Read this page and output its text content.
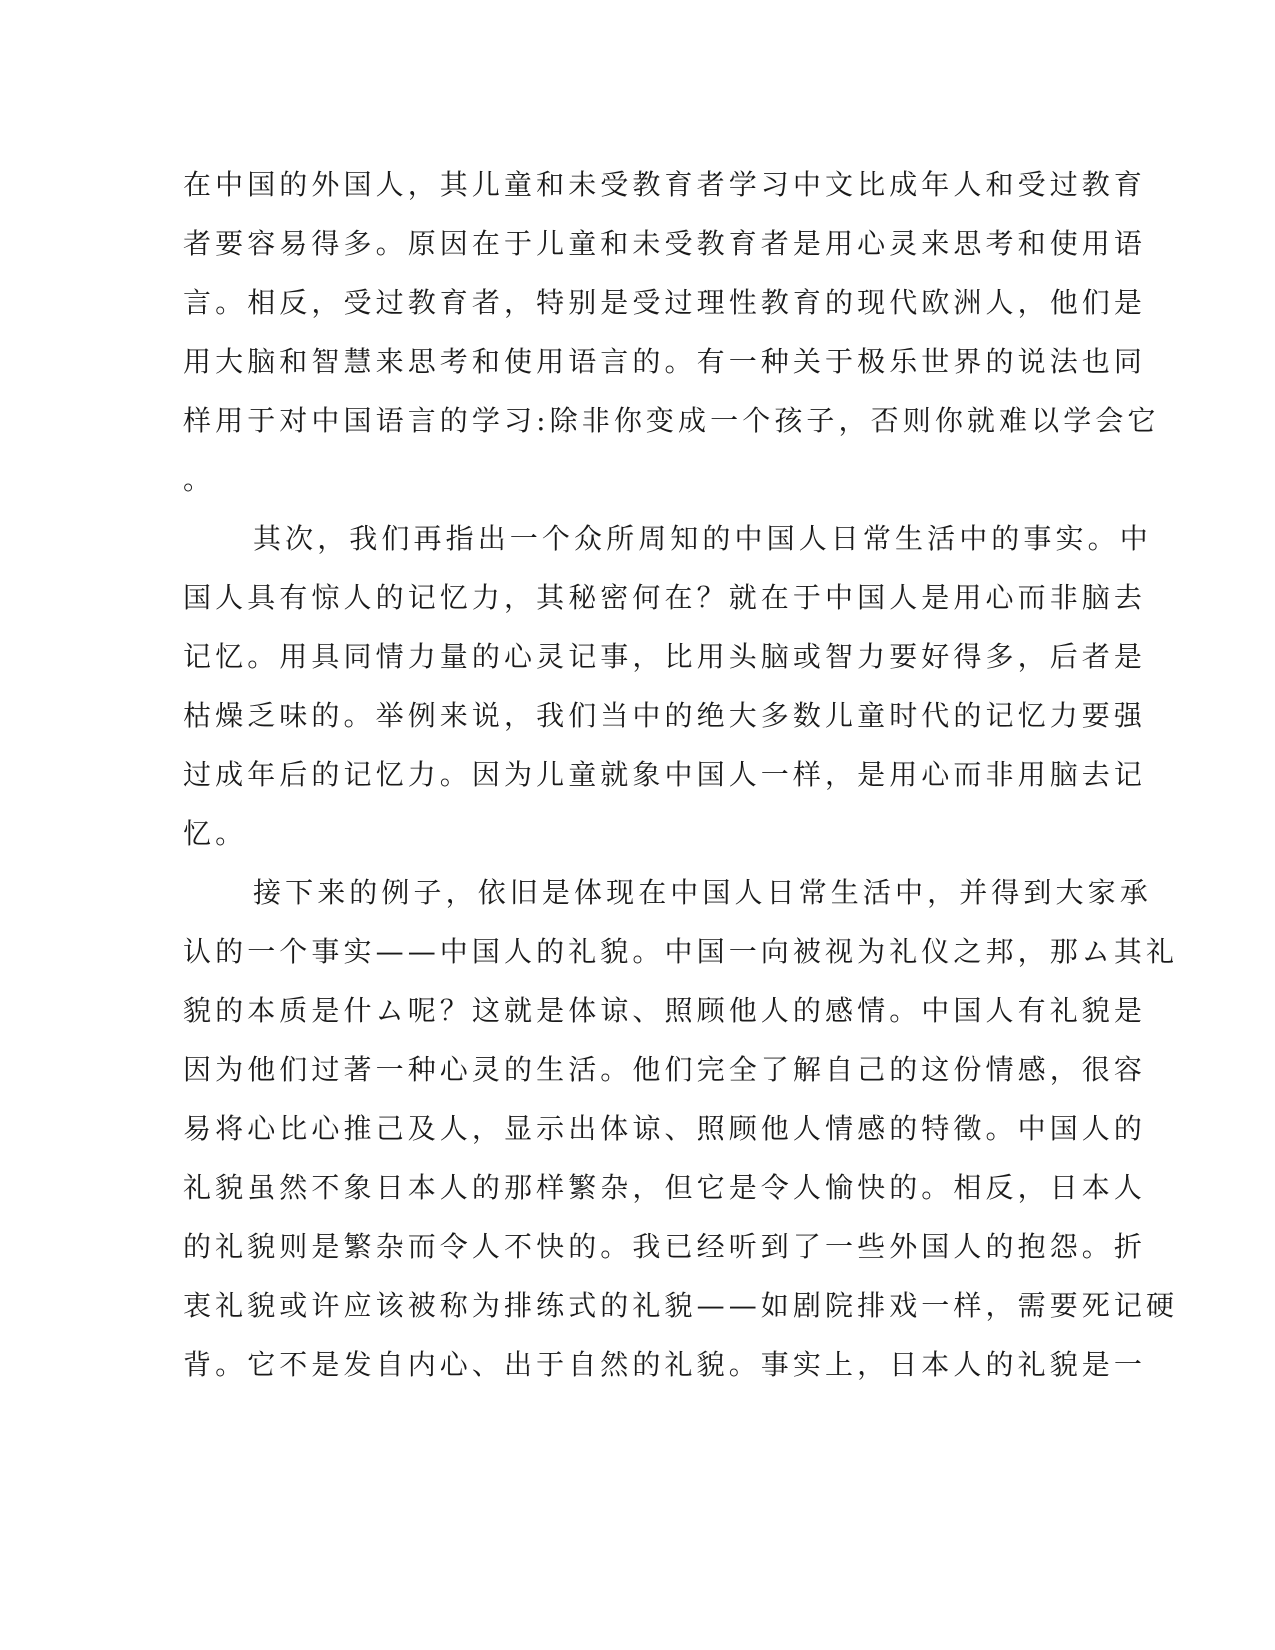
在中国的外国人，其儿童和未受教育者学习中文比成年人和受过教育
者要容易得多。原因在于儿童和未受教育者是用心灵来思考和使用语
言。相反，受过教育者，特别是受过理性教育的现代欧洲人，他们是
用大脑和智慧来思考和使用语言的。有一种关于极乐世界的说法也同
样用于对中国语言的学习:除非你变成一个孩子，否则你就难以学会它
。
其次，我们再指出一个众所周知的中国人日常生活中的事实。中
国人具有惊人的记忆力，其秘密何在？就在于中国人是用心而非脑去
记忆。用具同情力量的心灵记事，比用头脑或智力要好得多，后者是
枯燥乏味的。举例来说，我们当中的绝大多数儿童时代的记忆力要强
过成年后的记忆力。因为儿童就象中国人一样，是用心而非用脑去记
忆。
接下来的例子，依旧是体现在中国人日常生活中，并得到大家承
认的一个事实——中国人的礼貌。中国一向被视为礼仪之邦，那ム其礼
貌的本质是什ム呢？这就是体谅、照顾他人的感情。中国人有礼貌是
因为他们过著一种心灵的生活。他们完全了解自己的这份情感，很容
易将心比心推己及人，显示出体谅、照顾他人情感的特徵。中国人的
礼貌虽然不象日本人的那样繁杂，但它是令人愉快的。相反，日本人
的礼貌则是繁杂而令人不快的。我已经听到了一些外国人的抱怨。折
衷礼貌或许应该被称为排练式的礼貌——如剧院排戏一样，需要死记硬
背。它不是发自内心、出于自然的礼貌。事实上，日本人的礼貌是一
